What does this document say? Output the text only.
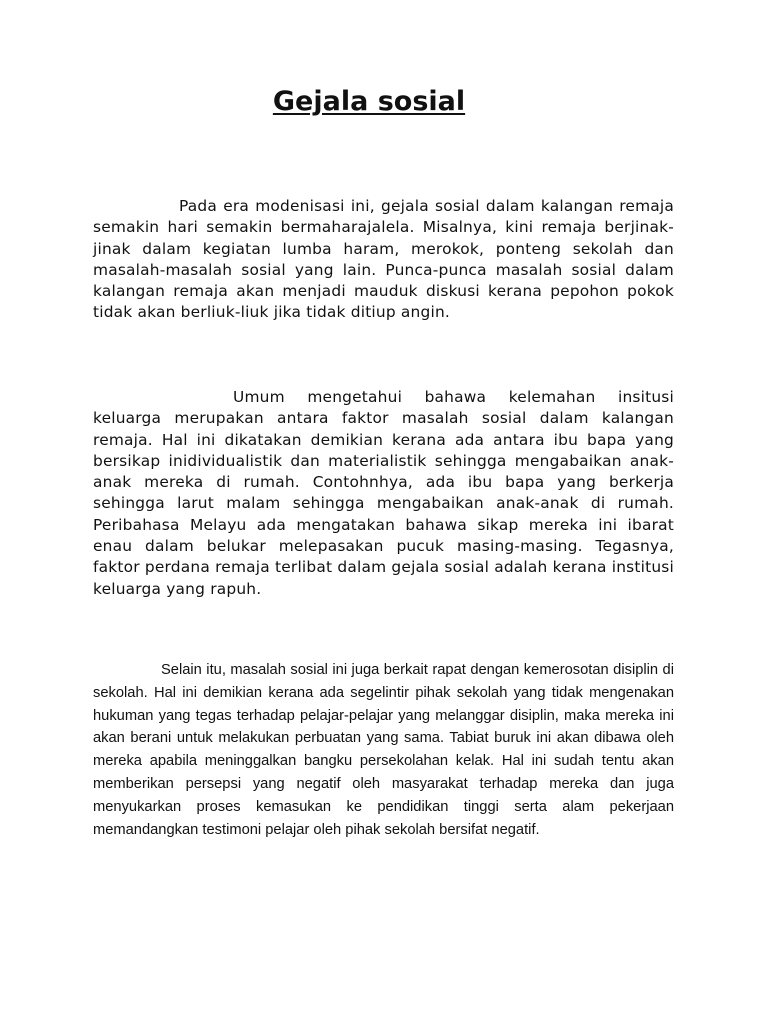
Gejala sosial

Pada era modenisasi ini, gejala sosial dalam kalangan remaja semakin hari semakin bermaharajalela. Misalnya, kini remaja berjinak-jinak dalam kegiatan lumba haram, merokok, ponteng sekolah dan masalah-masalah sosial yang lain. Punca-punca masalah sosial dalam kalangan remaja akan menjadi mauduk diskusi kerana pepohon pokok tidak akan berliuk-liuk jika tidak ditiup angin.

Umum mengetahui bahawa kelemahan insitusi keluarga merupakan antara faktor masalah sosial dalam kalangan remaja. Hal ini dikatakan demikian kerana ada antara ibu bapa yang bersikap inidividualistik dan materialistik sehingga mengabaikan anak-anak mereka di rumah. Contohnhya, ada ibu bapa yang berkerja sehingga larut malam sehingga mengabaikan anak-anak di rumah. Peribahasa Melayu ada mengatakan bahawa sikap mereka ini ibarat enau dalam belukar melepasakan pucuk masing-masing. Tegasnya, faktor perdana remaja terlibat dalam gejala sosial adalah kerana institusi keluarga yang rapuh.

Selain itu, masalah sosial ini juga berkait rapat dengan kemerosotan disiplin di sekolah. Hal ini demikian kerana ada segelintir pihak sekolah yang tidak mengenakan hukuman yang tegas terhadap pelajar-pelajar yang melanggar disiplin, maka mereka ini akan berani untuk melakukan perbuatan yang sama. Tabiat buruk ini akan dibawa oleh mereka apabila meninggalkan bangku persekolahan kelak. Hal ini sudah tentu akan memberikan persepsi yang negatif oleh masyarakat terhadap mereka dan juga menyukarkan proses kemasukan ke pendidikan tinggi serta alam pekerjaan memandangkan testimoni pelajar oleh pihak sekolah bersifat negatif.
